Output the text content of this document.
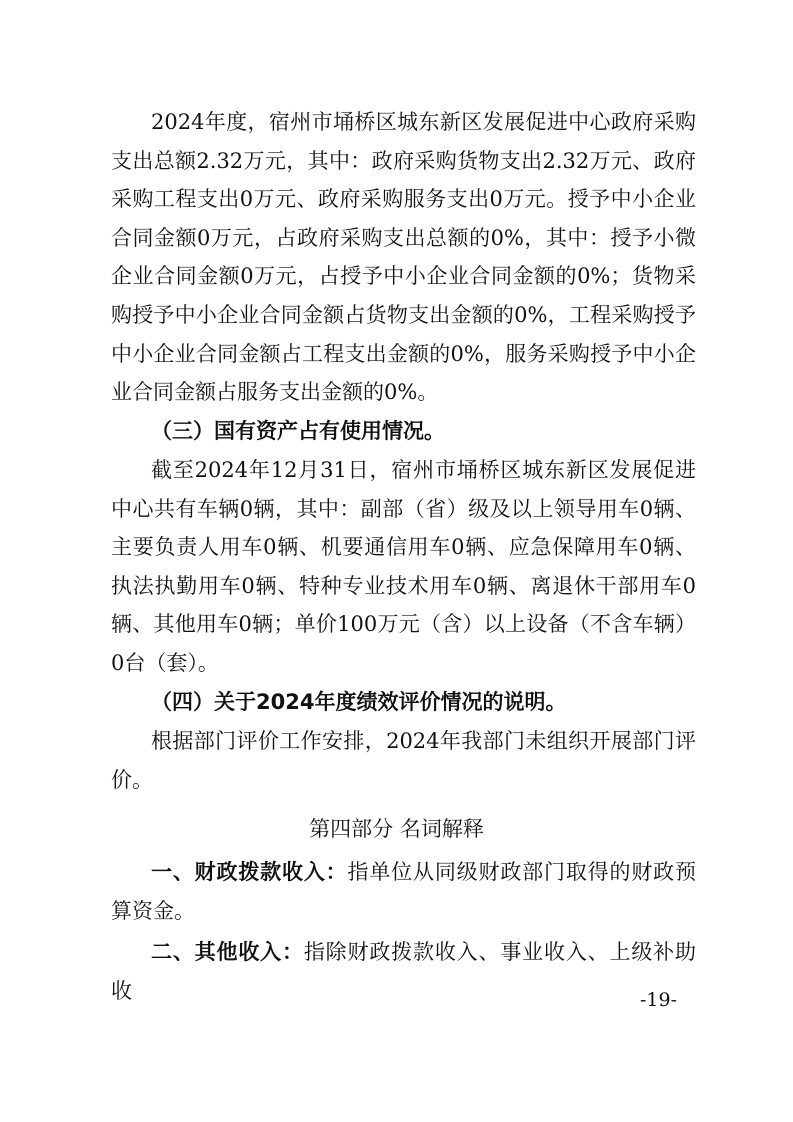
2024年度，宿州市埇桥区城东新区发展促进中心政府采购支出总额2.32万元，其中：政府采购货物支出2.32万元、政府采购工程支出0万元、政府采购服务支出0万元。授予中小企业合同金额0万元，占政府采购支出总额的0%，其中：授予小微企业合同金额0万元，占授予中小企业合同金额的0%；货物采购授予中小企业合同金额占货物支出金额的0%，工程采购授予中小企业合同金额占工程支出金额的0%，服务采购授予中小企业合同金额占服务支出金额的0%。

（三）国有资产占有使用情况。

截至2024年12月31日，宿州市埇桥区城东新区发展促进中心共有车辆0辆，其中：副部（省）级及以上领导用车0辆、主要负责人用车0辆、机要通信用车0辆、应急保障用车0辆、执法执勤用车0辆、特种专业技术用车0辆、离退休干部用车0辆、其他用车0辆；单价100万元（含）以上设备（不含车辆）0台（套）。

（四）关于2024年度绩效评价情况的说明。

根据部门评价工作安排，2024年我部门未组织开展部门评价。

第四部分 名词解释

一、财政拨款收入：指单位从同级财政部门取得的财政预算资金。

二、其他收入：指除财政拨款收入、事业收入、上级补助收	-19-
